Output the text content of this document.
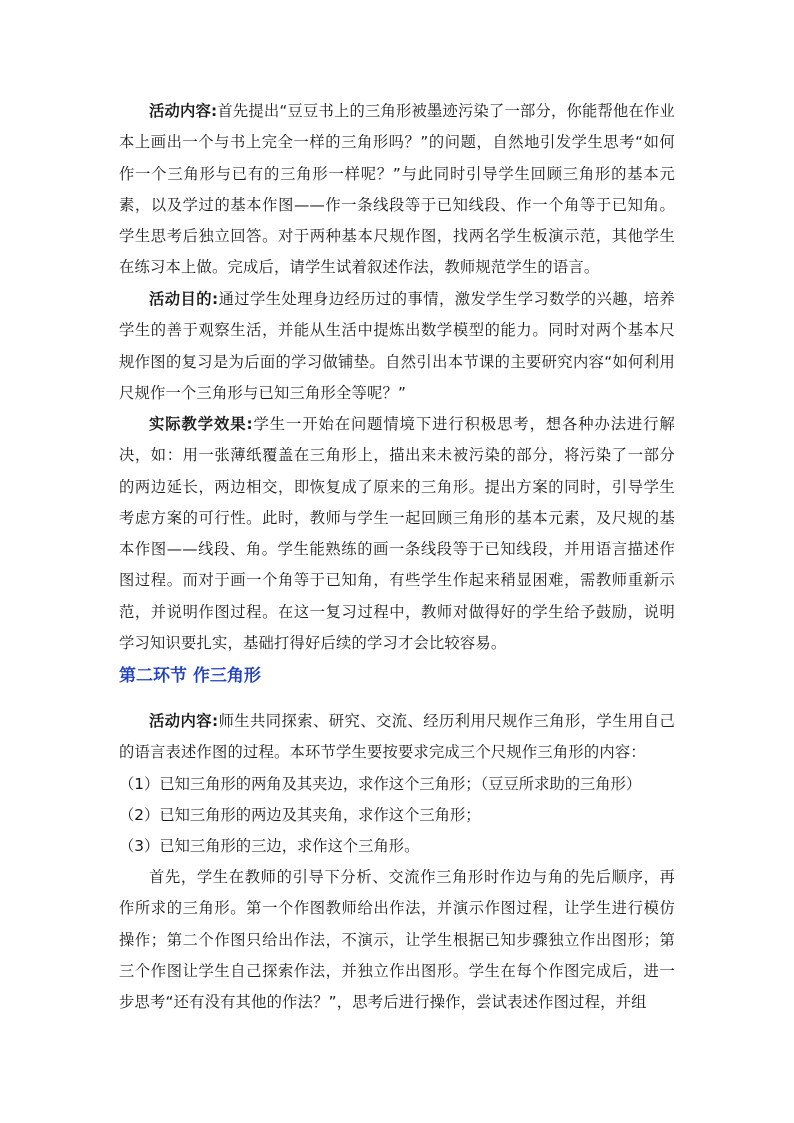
活动内容:首先提出“豆豆书上的三角形被墨迹污染了一部分，你能帮他在作业本上画出一个与书上完全一样的三角形吗？”的问题，自然地引发学生思考“如何作一个三角形与已有的三角形一样呢？”与此同时引导学生回顾三角形的基本元素，以及学过的基本作图——作一条线段等于已知线段、作一个角等于已知角。学生思考后独立回答。对于两种基本尺规作图，找两名学生板演示范，其他学生在练习本上做。完成后，请学生试着叙述作法，教师规范学生的语言。

活动目的:通过学生处理身边经历过的事情，激发学生学习数学的兴趣，培养学生的善于观察生活，并能从生活中提炼出数学模型的能力。同时对两个基本尺规作图的复习是为后面的学习做铺垫。自然引出本节课的主要研究内容“如何利用尺规作一个三角形与已知三角形全等呢？”

实际教学效果:学生一开始在问题情境下进行积极思考，想各种办法进行解决，如：用一张薄纸覆盖在三角形上，描出来未被污染的部分，将污染了一部分的两边延长，两边相交，即恢复成了原来的三角形。提出方案的同时，引导学生考虑方案的可行性。此时，教师与学生一起回顾三角形的基本元素，及尺规的基本作图——线段、角。学生能熟练的画一条线段等于已知线段，并用语言描述作图过程。而对于画一个角等于已知角，有些学生作起来稍显困难，需教师重新示范，并说明作图过程。在这一复习过程中，教师对做得好的学生给予鼓励，说明学习知识要扎实，基础打得好后续的学习才会比较容易。

第二环节 作三角形

活动内容:师生共同探索、研究、交流、经历利用尺规作三角形，学生用自己的语言表述作图的过程。本环节学生要按要求完成三个尺规作三角形的内容：

（1）已知三角形的两角及其夹边，求作这个三角形；（豆豆所求助的三角形）

（2）已知三角形的两边及其夹角，求作这个三角形；

（3）已知三角形的三边，求作这个三角形。

首先，学生在教师的引导下分析、交流作三角形时作边与角的先后顺序，再作所求的三角形。第一个作图教师给出作法，并演示作图过程，让学生进行模仿操作；第二个作图只给出作法，不演示，让学生根据已知步骤独立作出图形；第三个作图让学生自己探索作法，并独立作出图形。学生在每个作图完成后，进一步思考“还有没有其他的作法？”，思考后进行操作，尝试表述作图过程，并组
